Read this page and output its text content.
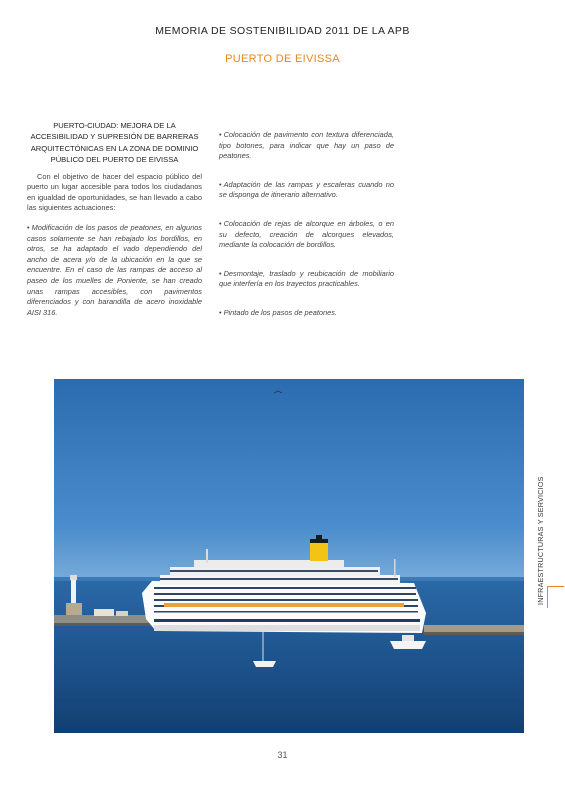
MEMORIA DE SOSTENIBILIDAD 2011 DE LA APB
PUERTO DE EIVISSA

PUERTO-CIUDAD: MEJORA DE LA ACCESIBILIDAD Y SUPRESIÓN DE BARRERAS ARQUITECTÓNICAS EN LA ZONA DE DOMINIO PÚBLICO DEL PUERTO DE EIVISSA

Con el objetivo de hacer del espacio público del puerto un lugar accesible para todos los ciudadanos en igualdad de oportunidades, se han llevado a cabo las siguientes actuaciones:

• Modificación de los pasos de peatones, en algunos casos solamente se han rebajado los bordillos, en otros, se ha adaptado el vado dependiendo del ancho de acera y/o de la ubicación en la que se encuentre. En el caso de las rampas de acceso al paseo de los muelles de Poniente, se han creado unas rampas accesibles, con pavimentos diferenciados y con barandilla de acero inoxidable AISI 316.

• Colocación de pavimento con textura diferenciada, tipo botones, para indicar que hay un paso de peatones.

• Adaptación de las rampas y escaleras cuando no se disponga de itinerario alternativo.

• Colocación de rejas de alcorque en árboles, o en su defecto, creación de alcorques elevados, mediante la colocación de bordillos.

• Desmontaje, traslado y reubicación de mobiliario que interfería en los trayectos practicables.

• Pintado de los pasos de peatones.

INFRAESTRUCTURAS Y SERVICIOS
31
